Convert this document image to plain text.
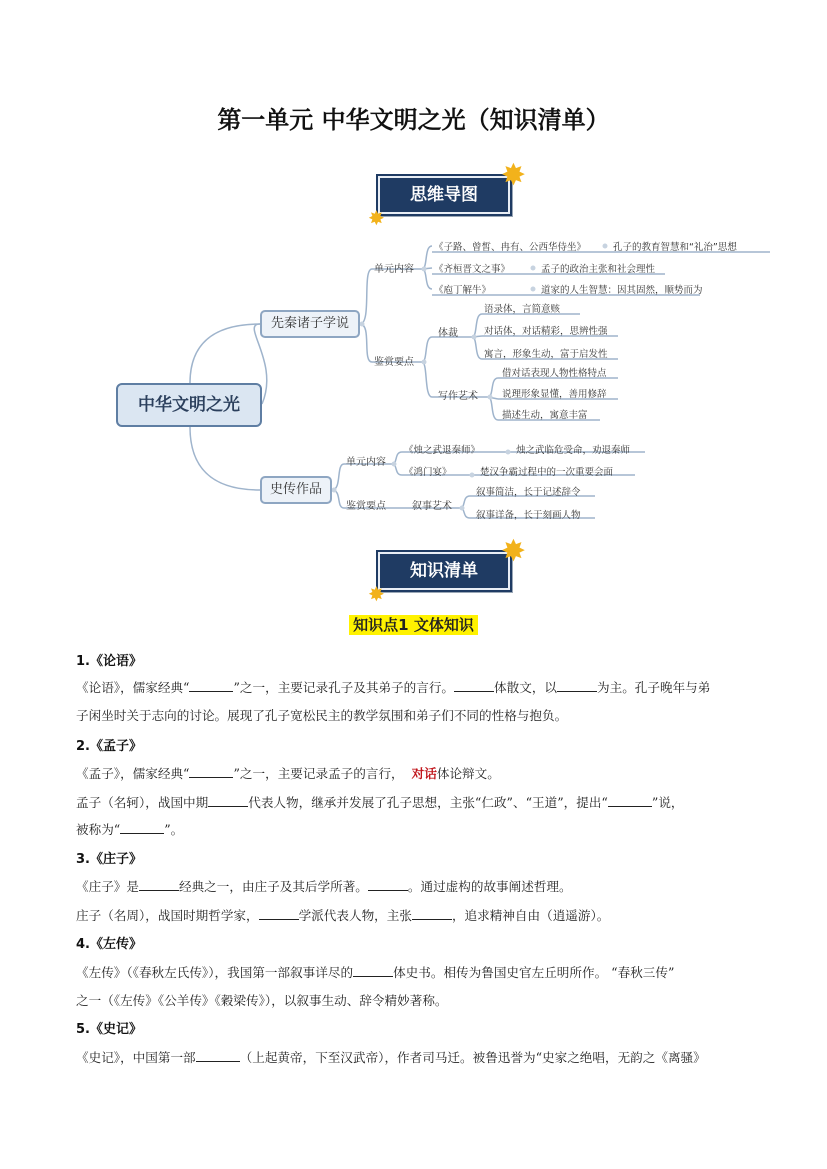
第一单元 中华文明之光（知识清单）
思维导图
✸
✸
中华文明之光
先秦诸子学说
单元内容
《子路、曾皙、冉有、公西华侍坐》	孔子的教育智慧和“礼治”思想
《齐桓晋文之事》	孟子的政治主张和社会理性
《庖丁解牛》	道家的人生智慧：因其固然，顺势而为
鉴赏要点
体裁
语录体，言简意赅
对话体，对话精彩，思辨性强
寓言，形象生动，富于启发性
写作艺术
借对话表现人物性格特点
说理形象显懂，善用修辞
描述生动，寓意丰富
史传作品
单元内容
《烛之武退秦师》	烛之武临危受命，劝退秦师
《鸿门宴》	楚汉争霸过程中的一次重要会面
鉴赏要点	叙事艺术
叙事简洁，长于记述辞令
叙事详备，长于刻画人物
知识清单
✸
✸
知识点1 文体知识
1.《论语》
《论语》，儒家经典“	”之一，主要记录孔子及其弟子的言行。	体散文，以	为主。孔子晚年与弟
子闲坐时关于志向的讨论。展现了孔子宽松民主的教学氛围和弟子们不同的性格与抱负。
2.《孟子》
《孟子》，儒家经典“	”之一，主要记录孟子的言行， 对话体论辩文。
孟子（名轲），战国中期	代表人物，继承并发展了孔子思想，主张“仁政”、“王道”，提出“	”说，
被称为“	”。
3.《庄子》
《庄子》是	经典之一，由庄子及其后学所著。	。通过虚构的故事阐述哲理。
庄子（名周），战国时期哲学家，	学派代表人物，主张	，追求精神自由（逍遥游）。
4.《左传》
《左传》（《春秋左氏传》），我国第一部叙事详尽的	体史书。相传为鲁国史官左丘明所作。 “春秋三传”
之一（《左传》《公羊传》《穀梁传》），以叙事生动、辞令精妙著称。
5.《史记》
《史记》，中国第一部	（上起黄帝，下至汉武帝），作者司马迁。被鲁迅誉为“史家之绝唱，无韵之《离骚》
